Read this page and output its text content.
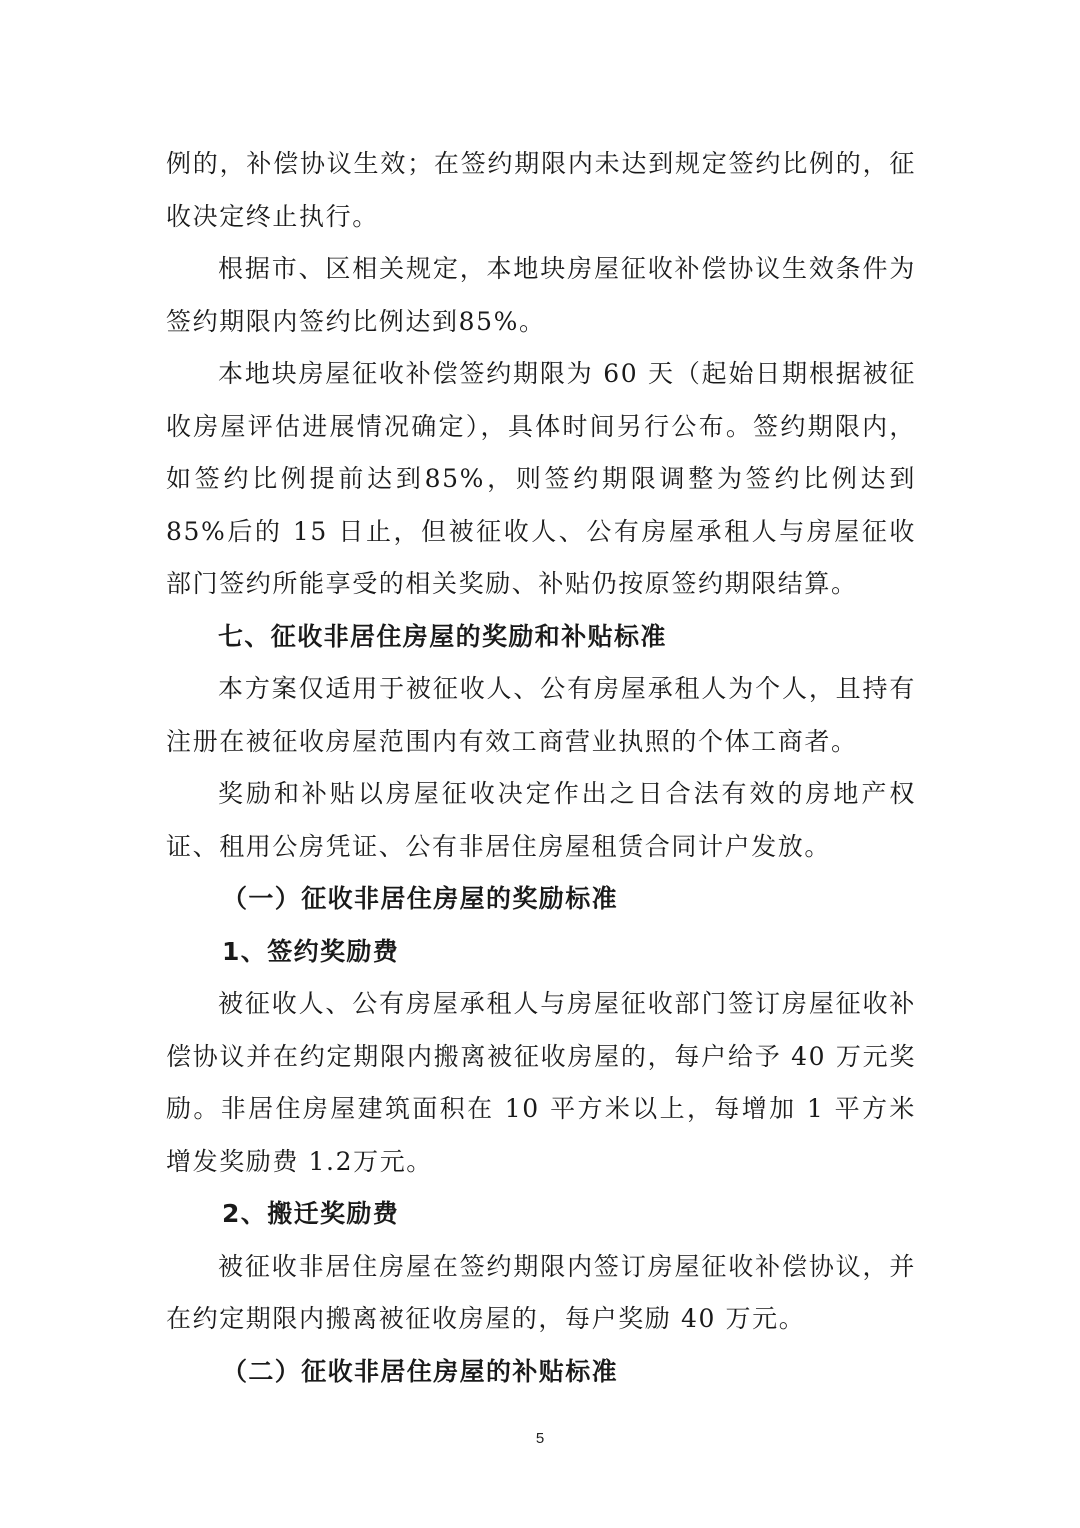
例的，补偿协议生效；在签约期限内未达到规定签约比例的，征收决定终止执行。

根据市、区相关规定，本地块房屋征收补偿协议生效条件为签约期限内签约比例达到85%。

本地块房屋征收补偿签约期限为 60 天（起始日期根据被征收房屋评估进展情况确定），具体时间另行公布。签约期限内，如签约比例提前达到85%，则签约期限调整为签约比例达到85%后的 15 日止，但被征收人、公有房屋承租人与房屋征收部门签约所能享受的相关奖励、补贴仍按原签约期限结算。

七、征收非居住房屋的奖励和补贴标准

本方案仅适用于被征收人、公有房屋承租人为个人，且持有注册在被征收房屋范围内有效工商营业执照的个体工商者。

奖励和补贴以房屋征收决定作出之日合法有效的房地产权证、租用公房凭证、公有非居住房屋租赁合同计户发放。

（一）征收非居住房屋的奖励标准

1、签约奖励费

被征收人、公有房屋承租人与房屋征收部门签订房屋征收补偿协议并在约定期限内搬离被征收房屋的，每户给予 40 万元奖励。非居住房屋建筑面积在 10 平方米以上，每增加 1 平方米增发奖励费 1.2万元。

2、搬迁奖励费

被征收非居住房屋在签约期限内签订房屋征收补偿协议，并在约定期限内搬离被征收房屋的，每户奖励 40 万元。

（二）征收非居住房屋的补贴标准

5
